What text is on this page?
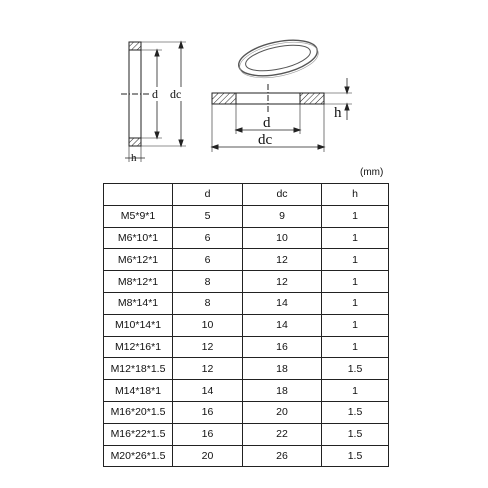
d dc
h
d
dc
h
(mm)
	d	dc	h
M5*9*1	5	9	1
M6*10*1	6	10	1
M6*12*1	6	12	1
M8*12*1	8	12	1
M8*14*1	8	14	1
M10*14*1	10	14	1
M12*16*1	12	16	1
M12*18*1.5	12	18	1.5
M14*18*1	14	18	1
M16*20*1.5	16	20	1.5
M16*22*1.5	16	22	1.5
M20*26*1.5	20	26	1.5
